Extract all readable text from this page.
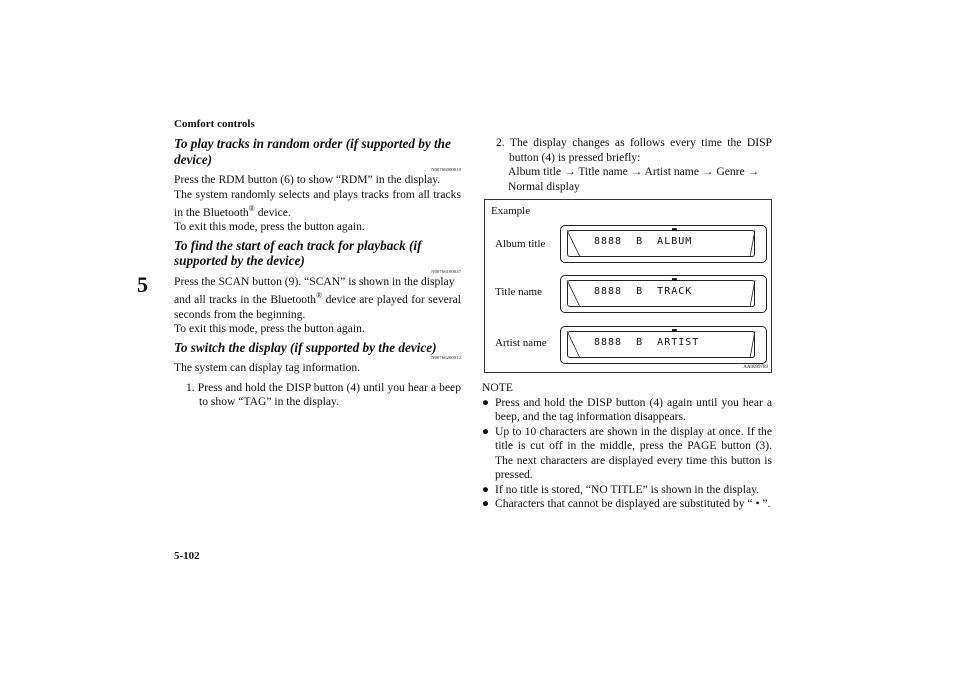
Comfort controls
5

To play tracks in random order (if supported by the device)

N00766000010

Press the RDM button (6) to show “RDM” in the display.

The system randomly selects and plays tracks from all tracks in the Bluetooth® device.

To exit this mode, press the button again.

To find the start of each track for playback (if supported by the device)

N00766100037

Press the SCAN button (9). “SCAN” is shown in the display

and all tracks in the Bluetooth® device are played for several seconds from the beginning.

To exit this mode, press the button again.

To switch the display (if supported by the device)

N00766200012

The system can display tag information.

1. Press and hold the DISP button (4) until you hear a beep to show “TAG” in the display.

2. The display changes as follows every time the DISP button (4) is pressed briefly:

Album title → Title name → Artist name → Genre → Normal display

Example
Album title
▀▀
8888  B  ALBUM
Title name
▀▀
8888  B  TRACK
Artist name
▀▀
8888  B  ARTIST
AA0099789

NOTE

● Press and hold the DISP button (4) again until you hear a beep, and the tag information disappears.
● Up to 10 characters are shown in the display at once. If the title is cut off in the middle, press the PAGE button (3). The next characters are displayed every time this button is pressed.
● If no title is stored, “NO TITLE” is shown in the display.
● Characters that cannot be displayed are substituted by “ • ”.
5-102
